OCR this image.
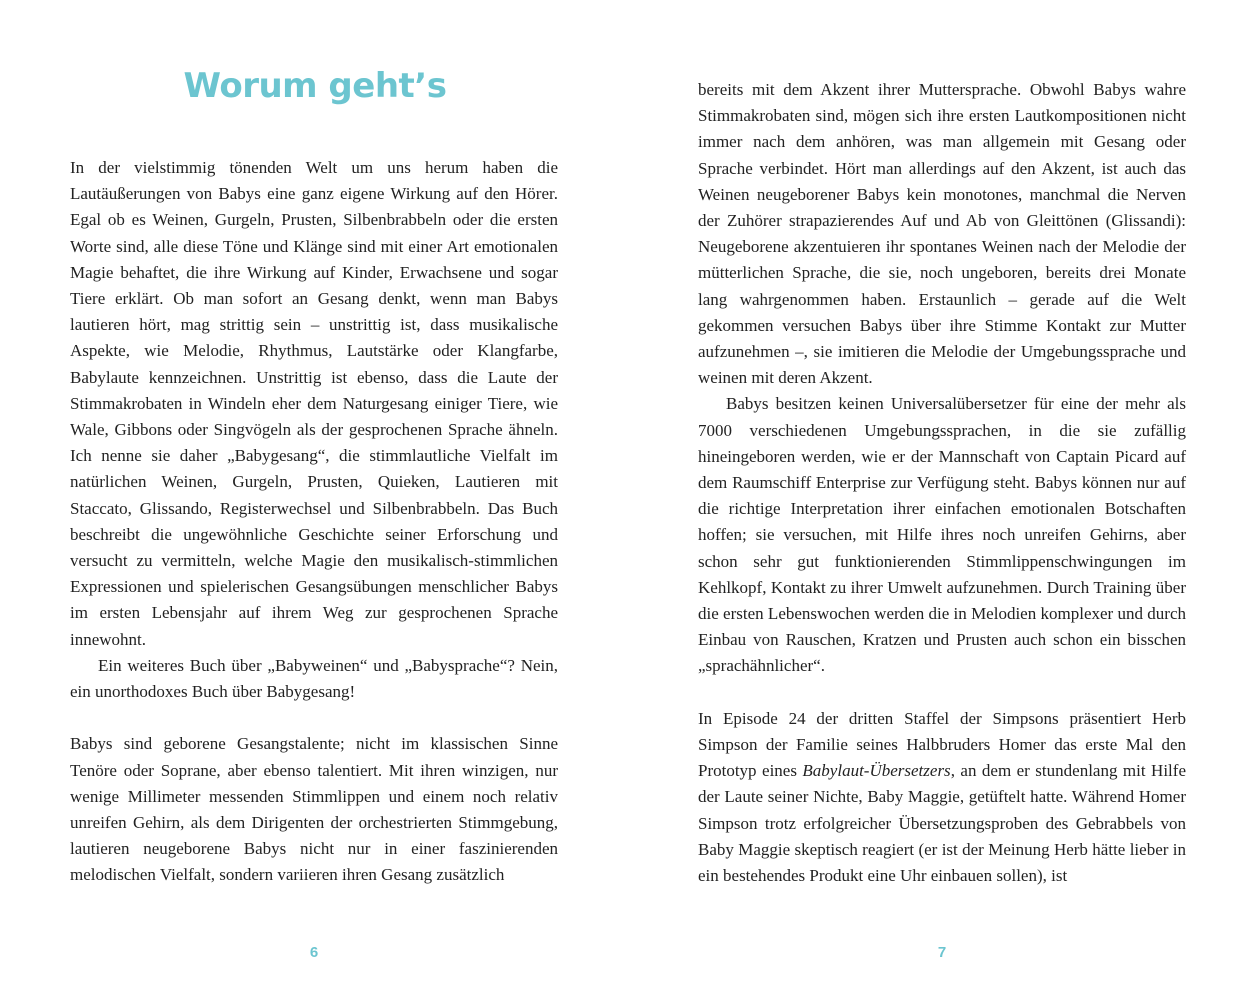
Worum geht’s

In der vielstimmig tönenden Welt um uns herum haben die Lautäußerungen von Babys eine ganz eigene Wirkung auf den Hörer. Egal ob es Weinen, Gurgeln, Prusten, Silbenbrabbeln oder die ersten Worte sind, alle diese Töne und Klänge sind mit einer Art emotionalen Magie behaftet, die ihre Wirkung auf Kinder, Erwachsene und sogar Tiere erklärt. Ob man sofort an Gesang denkt, wenn man Babys lautieren hört, mag strittig sein – unstrittig ist, dass musikalische Aspekte, wie Melodie, Rhythmus, Lautstärke oder Klangfarbe, Babylaute kennzeichnen. Unstrittig ist ebenso, dass die Laute der Stimmakrobaten in Windeln eher dem Naturgesang einiger Tiere, wie Wale, Gibbons oder Singvögeln als der gesprochenen Sprache ähneln. Ich nenne sie daher „Babygesang“, die stimmlautliche Vielfalt im natürlichen Weinen, Gurgeln, Prusten, Quieken, Lautieren mit Staccato, Glissando, Registerwechsel und Silbenbrabbeln. Das Buch beschreibt die ungewöhnliche Geschichte seiner Erforschung und versucht zu vermitteln, welche Magie den musikalisch-stimmlichen Expressionen und spielerischen Gesangsübungen menschlicher Babys im ersten Lebensjahr auf ihrem Weg zur gesprochenen Sprache innewohnt.

Ein weiteres Buch über „Babyweinen“ und „Babysprache“? Nein, ein unorthodoxes Buch über Babygesang!

Babys sind geborene Gesangstalente; nicht im klassischen Sinne Tenöre oder Soprane, aber ebenso talentiert. Mit ihren winzigen, nur wenige Millimeter messenden Stimmlippen und einem noch relativ unreifen Gehirn, als dem Dirigenten der orchestrierten Stimmgebung, lautieren neugeborene Babys nicht nur in einer faszinierenden melodischen Vielfalt, sondern variieren ihren Gesang zusätzlich

6

bereits mit dem Akzent ihrer Muttersprache. Obwohl Babys wahre Stimmakrobaten sind, mögen sich ihre ersten Lautkompositionen nicht immer nach dem anhören, was man allgemein mit Gesang oder Sprache verbindet. Hört man allerdings auf den Akzent, ist auch das Weinen neugeborener Babys kein monotones, manchmal die Nerven der Zuhörer strapazierendes Auf und Ab von Gleittönen (Glissandi): Neugeborene akzentuieren ihr spontanes Weinen nach der Melodie der mütterlichen Sprache, die sie, noch ungeboren, bereits drei Monate lang wahrgenommen haben. Erstaunlich – gerade auf die Welt gekommen versuchen Babys über ihre Stimme Kontakt zur Mutter aufzunehmen –, sie imitieren die Melodie der Umgebungssprache und weinen mit deren Akzent.

Babys besitzen keinen Universalübersetzer für eine der mehr als 7000 verschiedenen Umgebungssprachen, in die sie zufällig hineingeboren werden, wie er der Mannschaft von Captain Picard auf dem Raumschiff Enterprise zur Verfügung steht. Babys können nur auf die richtige Interpretation ihrer einfachen emotionalen Botschaften hoffen; sie versuchen, mit Hilfe ihres noch unreifen Gehirns, aber schon sehr gut funktionierenden Stimmlippenschwingungen im Kehlkopf, Kontakt zu ihrer Umwelt aufzunehmen. Durch Training über die ersten Lebenswochen werden die in Melodien komplexer und durch Einbau von Rauschen, Kratzen und Prusten auch schon ein bisschen „sprachähnlicher“.

In Episode 24 der dritten Staffel der Simpsons präsentiert Herb Simpson der Familie seines Halbbruders Homer das erste Mal den Prototyp eines Babylaut-Übersetzers, an dem er stundenlang mit Hilfe der Laute seiner Nichte, Baby Maggie, getüftelt hatte. Während Homer Simpson trotz erfolgreicher Übersetzungsproben des Gebrabbels von Baby Maggie skeptisch reagiert (er ist der Meinung Herb hätte lieber in ein bestehendes Produkt eine Uhr einbauen sollen), ist

7
